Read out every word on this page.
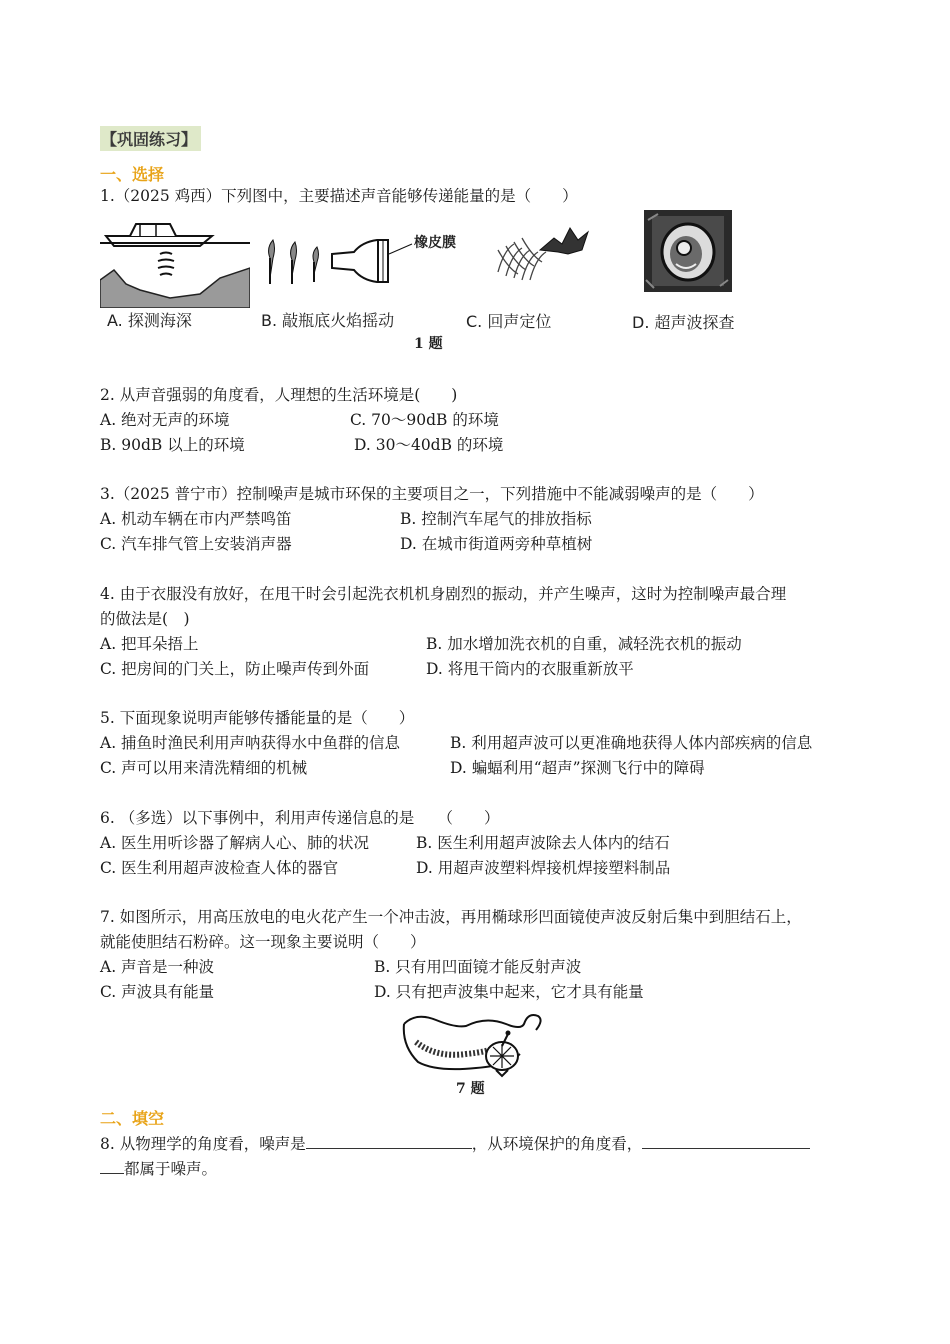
【巩固练习】
一、选择
1.（2025 鸡西）下列图中，主要描述声音能够传递能量的是（　　）
橡皮膜
A. 探测海深	B. 敲瓶底火焰摇动	C. 回声定位	D. 超声波探查
1 题
2. 从声音强弱的角度看，人理想的生活环境是(　　)
A. 绝对无声的环境	C. 70～90dB 的环境
B. 90dB 以上的环境	D. 30～40dB 的环境
3.（2025 普宁市）控制噪声是城市环保的主要项目之一，下列措施中不能减弱噪声的是（　　）
A. 机动车辆在市内严禁鸣笛	B. 控制汽车尾气的排放指标
C. 汽车排气管上安装消声器	D. 在城市街道两旁种草植树
4. 由于衣服没有放好，在甩干时会引起洗衣机机身剧烈的振动，并产生噪声，这时为控制噪声最合理
的做法是(　)
A. 把耳朵捂上	B. 加水增加洗衣机的自重，减轻洗衣机的振动
C. 把房间的门关上，防止噪声传到外面	D. 将甩干筒内的衣服重新放平
5. 下面现象说明声能够传播能量的是（　　）
A. 捕鱼时渔民利用声呐获得水中鱼群的信息	B. 利用超声波可以更准确地获得人体内部疾病的信息
C. 声可以用来清洗精细的机械	D. 蝙蝠利用“超声”探测飞行中的障碍
6. （多选）以下事例中，利用声传递信息的是　　（　　）
A. 医生用听诊器了解病人心、肺的状况	B. 医生利用超声波除去人体内的结石
C. 医生利用超声波检查人体的器官	D. 用超声波塑料焊接机焊接塑料制品
7. 如图所示，用高压放电的电火花产生一个冲击波，再用椭球形凹面镜使声波反射后集中到胆结石上，
就能使胆结石粉碎。这一现象主要说明（　　）
A. 声音是一种波	B. 只有用凹面镜才能反射声波
C. 声波具有能量	D. 只有把声波集中起来，它才具有能量
7 题
二、填空
8. 从物理学的角度看，噪声是	，从环境保护的角度看，
都属于噪声。
